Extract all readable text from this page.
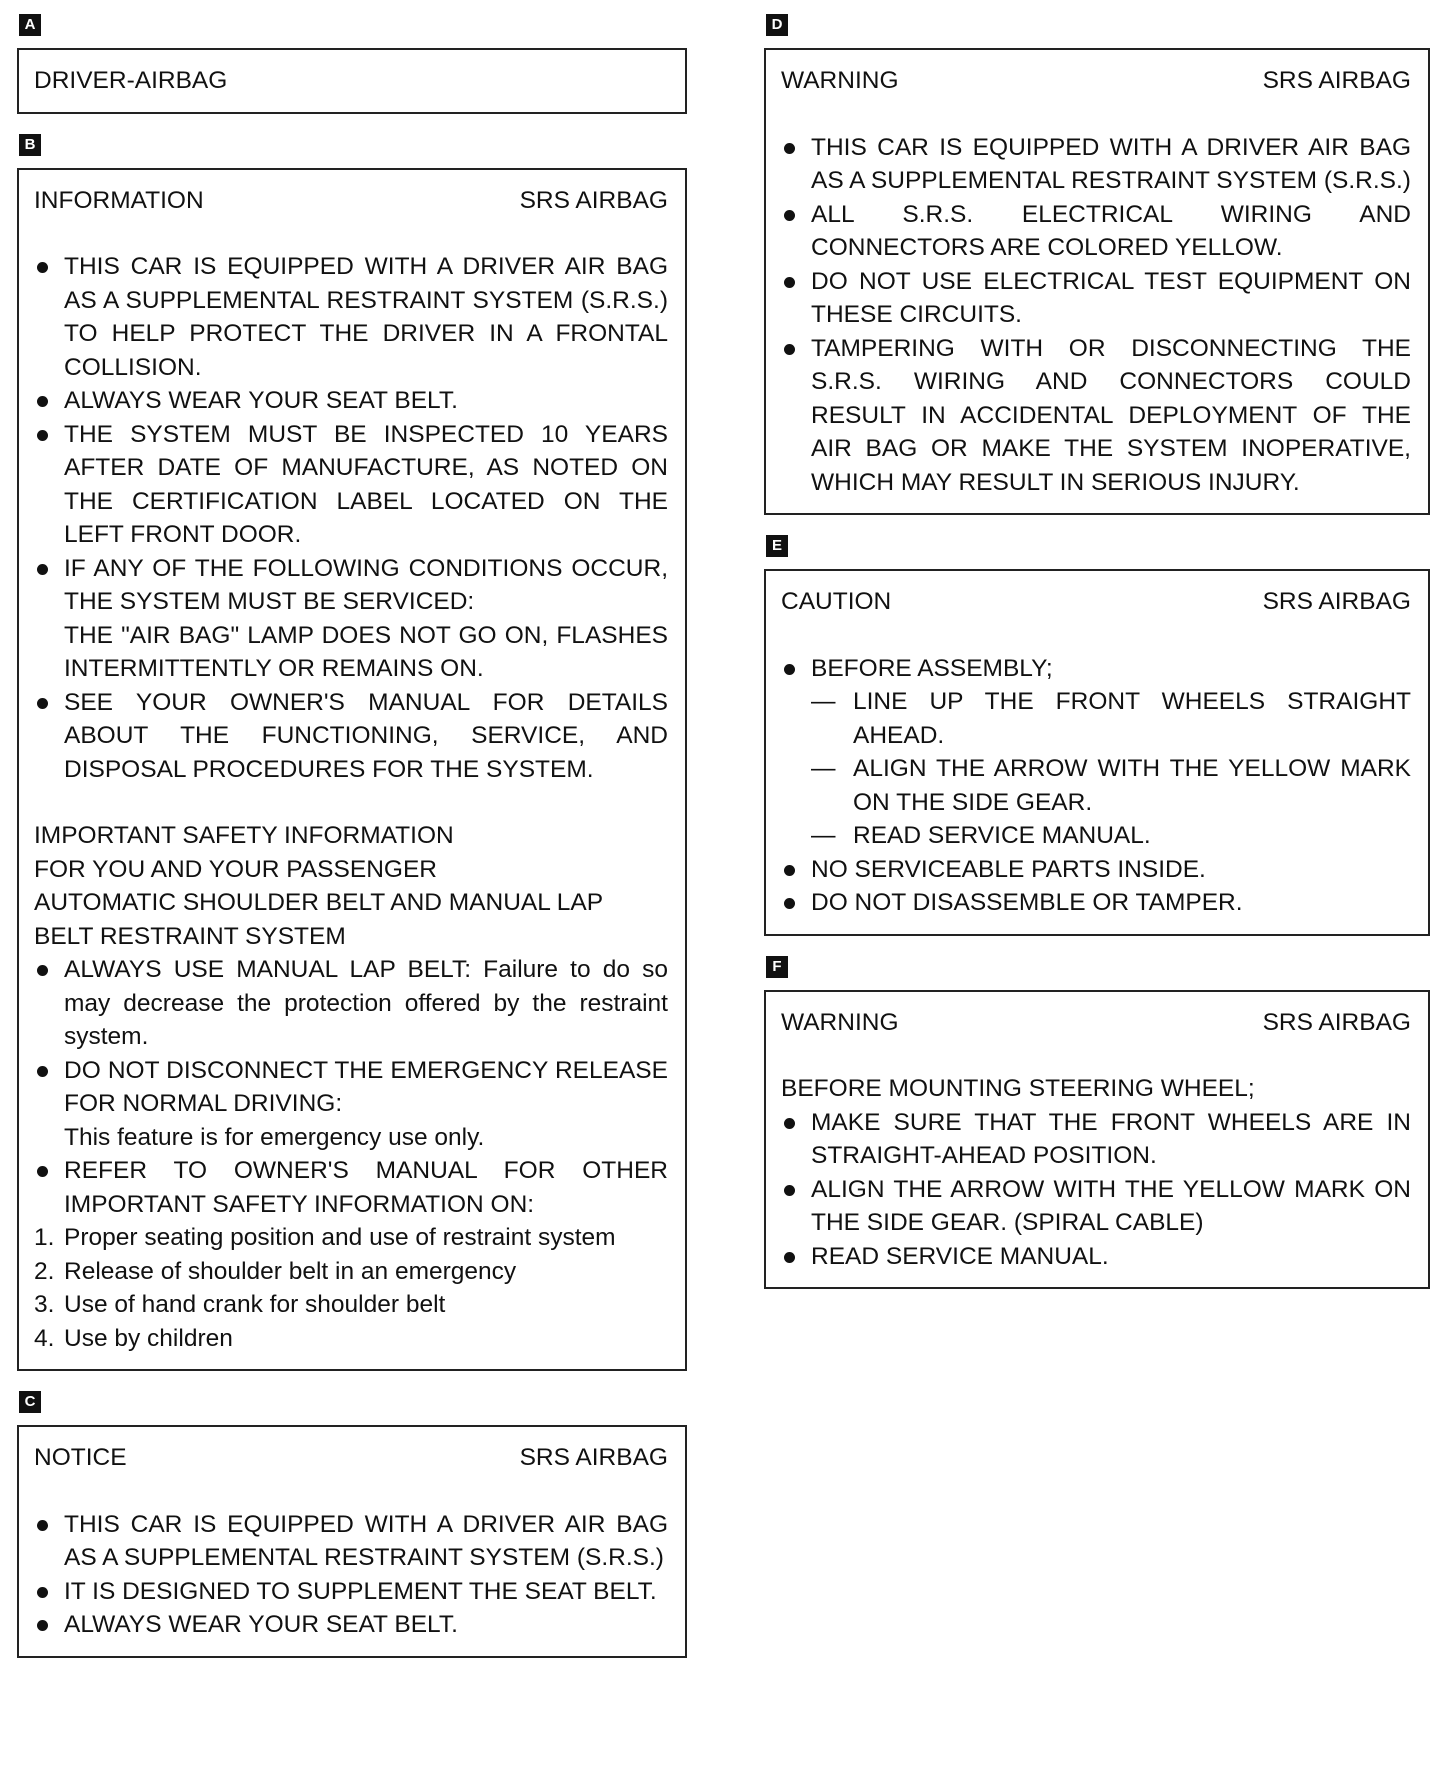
A
DRIVER-AIRBAG
B
INFORMATION	SRS AIRBAG
THIS CAR IS EQUIPPED WITH A DRIVER AIR BAG AS A SUPPLEMENTAL RESTRAINT SYSTEM (S.R.S.) TO HELP PROTECT THE DRIVER IN A FRONTAL COLLISION.
ALWAYS WEAR YOUR SEAT BELT.
THE SYSTEM MUST BE INSPECTED 10 YEARS AFTER DATE OF MANUFACTURE, AS NOTED ON THE CERTIFICATION LABEL LOCATED ON THE LEFT FRONT DOOR.
IF ANY OF THE FOLLOWING CONDITIONS OCCUR, THE SYSTEM MUST BE SERVICED:
THE "AIR BAG" LAMP DOES NOT GO ON, FLASHES INTERMITTENTLY OR REMAINS ON.
SEE YOUR OWNER'S MANUAL FOR DETAILS ABOUT THE FUNCTIONING, SERVICE, AND DISPOSAL PROCEDURES FOR THE SYSTEM.

IMPORTANT SAFETY INFORMATION

FOR YOU AND YOUR PASSENGER

AUTOMATIC SHOULDER BELT AND MANUAL LAP BELT RESTRAINT SYSTEM

ALWAYS USE MANUAL LAP BELT: Failure to do so may decrease the protection offered by the restraint system.
DO NOT DISCONNECT THE EMERGENCY RELEASE FOR NORMAL DRIVING:
This feature is for emergency use only.
REFER TO OWNER'S MANUAL FOR OTHER IMPORTANT SAFETY INFORMATION ON:
1. Proper seating position and use of restraint system
2. Release of shoulder belt in an emergency
3. Use of hand crank for shoulder belt
4. Use by children
C
NOTICE	SRS AIRBAG
THIS CAR IS EQUIPPED WITH A DRIVER AIR BAG AS A SUPPLEMENTAL RESTRAINT SYSTEM (S.R.S.)
IT IS DESIGNED TO SUPPLEMENT THE SEAT BELT.
ALWAYS WEAR YOUR SEAT BELT.
D
WARNING	SRS AIRBAG
THIS CAR IS EQUIPPED WITH A DRIVER AIR BAG AS A SUPPLEMENTAL RESTRAINT SYSTEM (S.R.S.)
ALL S.R.S. ELECTRICAL WIRING AND CONNECTORS ARE COLORED YELLOW.
DO NOT USE ELECTRICAL TEST EQUIPMENT ON THESE CIRCUITS.
TAMPERING WITH OR DISCONNECTING THE S.R.S. WIRING AND CONNECTORS COULD RESULT IN ACCIDENTAL DEPLOYMENT OF THE AIR BAG OR MAKE THE SYSTEM INOPERATIVE, WHICH MAY RESULT IN SERIOUS INJURY.
E
CAUTION	SRS AIRBAG
BEFORE ASSEMBLY;
— LINE UP THE FRONT WHEELS STRAIGHT AHEAD.
— ALIGN THE ARROW WITH THE YELLOW MARK ON THE SIDE GEAR.
— READ SERVICE MANUAL.
NO SERVICEABLE PARTS INSIDE.
DO NOT DISASSEMBLE OR TAMPER.
F
WARNING	SRS AIRBAG

BEFORE MOUNTING STEERING WHEEL;

MAKE SURE THAT THE FRONT WHEELS ARE IN STRAIGHT-AHEAD POSITION.
ALIGN THE ARROW WITH THE YELLOW MARK ON THE SIDE GEAR. (SPIRAL CABLE)
READ SERVICE MANUAL.
